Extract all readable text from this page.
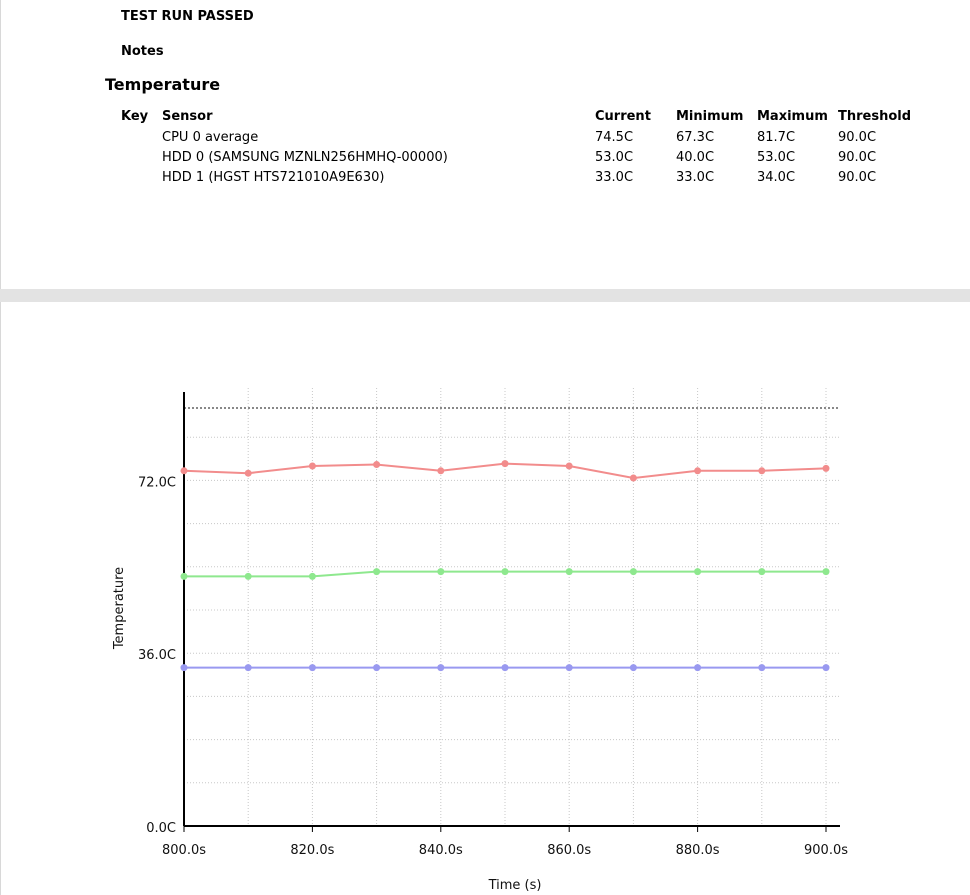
TEST RUN PASSED
Notes
Temperature
Key Sensor	Current Minimum Maximum Threshold
CPU 0 average	74.5C	67.3C	81.7C	90.0C
HDD 0 (SAMSUNG MZNLN256HMHQ-00000)	53.0C	40.0C	53.0C	90.0C
HDD 1 (HGST HTS721010A9E630)	33.0C	33.0C	34.0C	90.0C
800.0s	820.0s	840.0s	860.0s	880.0s	900.0s
0.0C
36.0C
72.0C
Time (s)
Temperature
